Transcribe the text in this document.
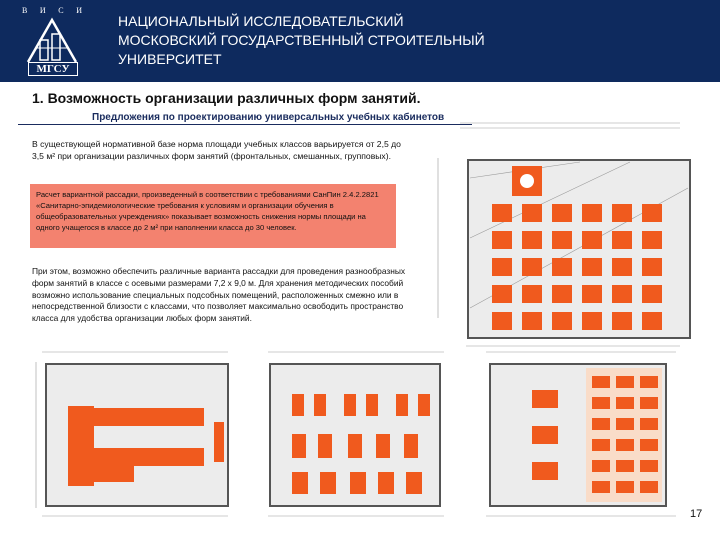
В И С И
МГСУ
НАЦИОНАЛЬНЫЙ ИССЛЕДОВАТЕЛЬСКИЙ
МОСКОВСКИЙ ГОСУДАРСТВЕННЫЙ СТРОИТЕЛЬНЫЙ
УНИВЕРСИТЕТ
1. Возможность организации различных форм занятий.
Предложения по проектированию универсальных учебных кабинетов
В существующей нормативной базе норма площади учебных классов варьируется от 2,5 до 3,5 м² при организации различных форм занятий (фронтальных, смешанных, групповых).
Расчет вариантной рассадки, произведенный в соответствии с требованиями СанПин 2.4.2.2821 «Санитарно-эпидемиологические требования к условиям и организации обучения в общеобразовательных учреждениях» показывает возможность снижения нормы площади на одного учащегося в классе до 2 м² при наполнении класса до 30 человек.
При этом, возможно обеспечить различные варианта рассадки для проведения разнообразных форм занятий в классе с осевыми размерами 7,2 х 9,0 м. Для хранения методических пособий возможно использование специальных подсобных помещений, расположенных смежно или в непосредственной близости с классами, что позволяет максимально освободить пространство класса для удобства организации любых форм занятий.
17
